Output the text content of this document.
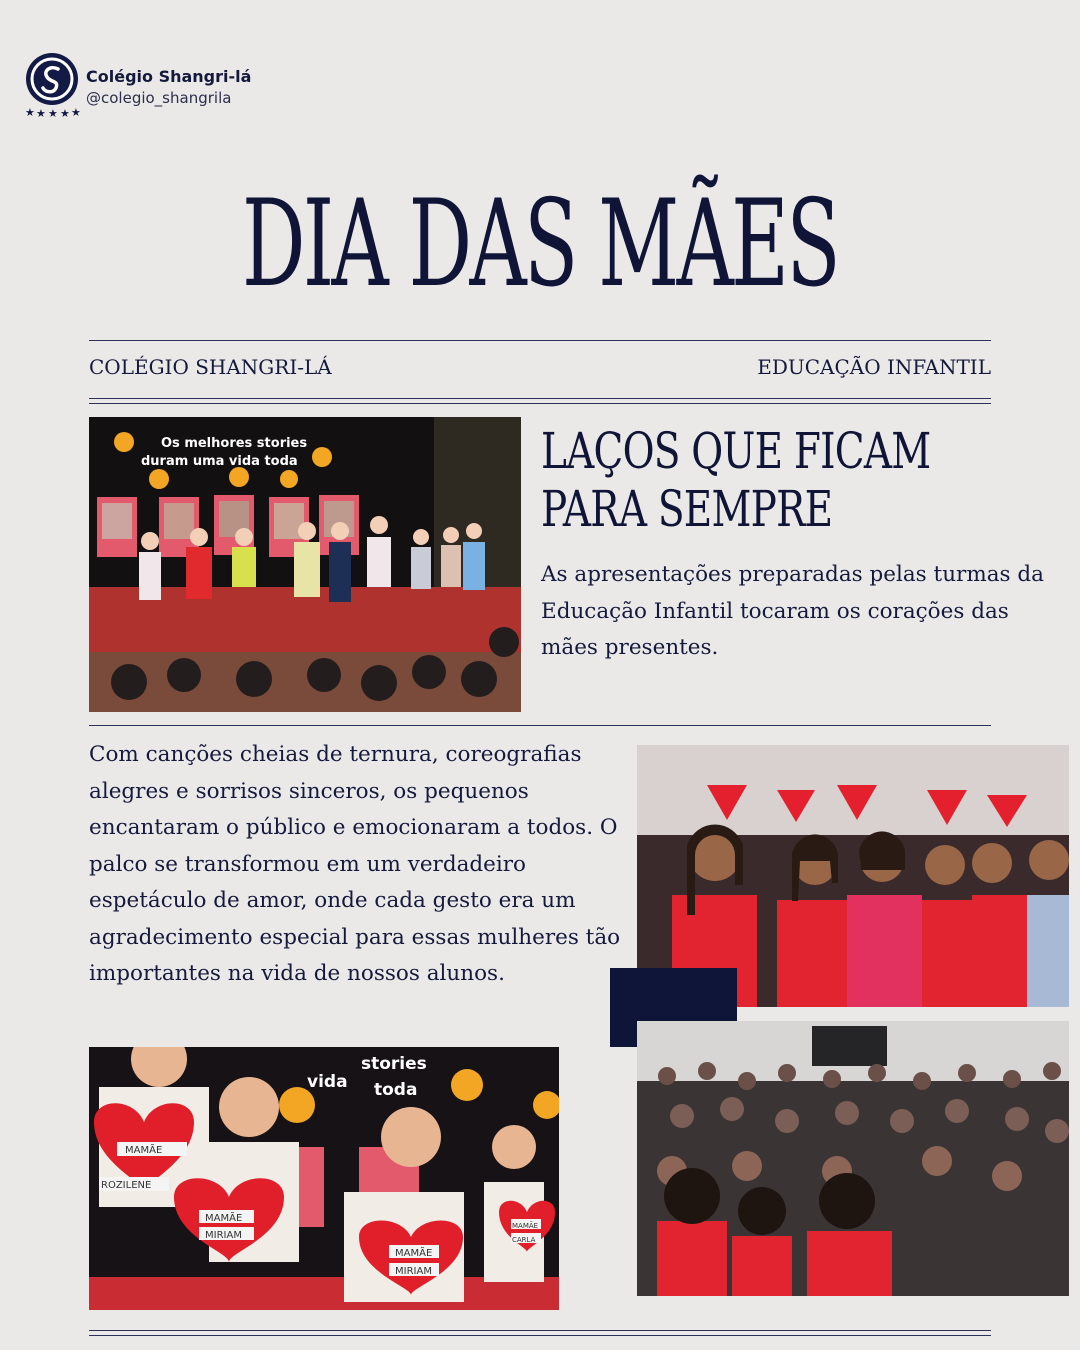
★ ★ ★ ★ ★
Colégio Shangri-lá
@colegio_shangrila
DIA DAS MÃES
COLÉGIO SHANGRI-LÁ	EDUCAÇÃO INFANTIL
Os melhores stories
duram uma vida toda	LAÇOS QUE FICAM
PARA SEMPRE
As apresentações preparadas pelas turmas da Educação Infantil tocaram os corações das mães presentes.
Com canções cheias de ternura, coreografias alegres e sorrisos sinceros, os pequenos encantaram o público e emocionaram a todos. O palco se transformou em um verdadeiro espetáculo de amor, onde cada gesto era um agradecimento especial para essas mulheres tão importantes na vida de nossos alunos.
stories
vida toda
MAMÃE
ROZILENE
MAMÃE
MIRIAM
MAMÃE
MIRIAM
MAMÃE
CARLA
